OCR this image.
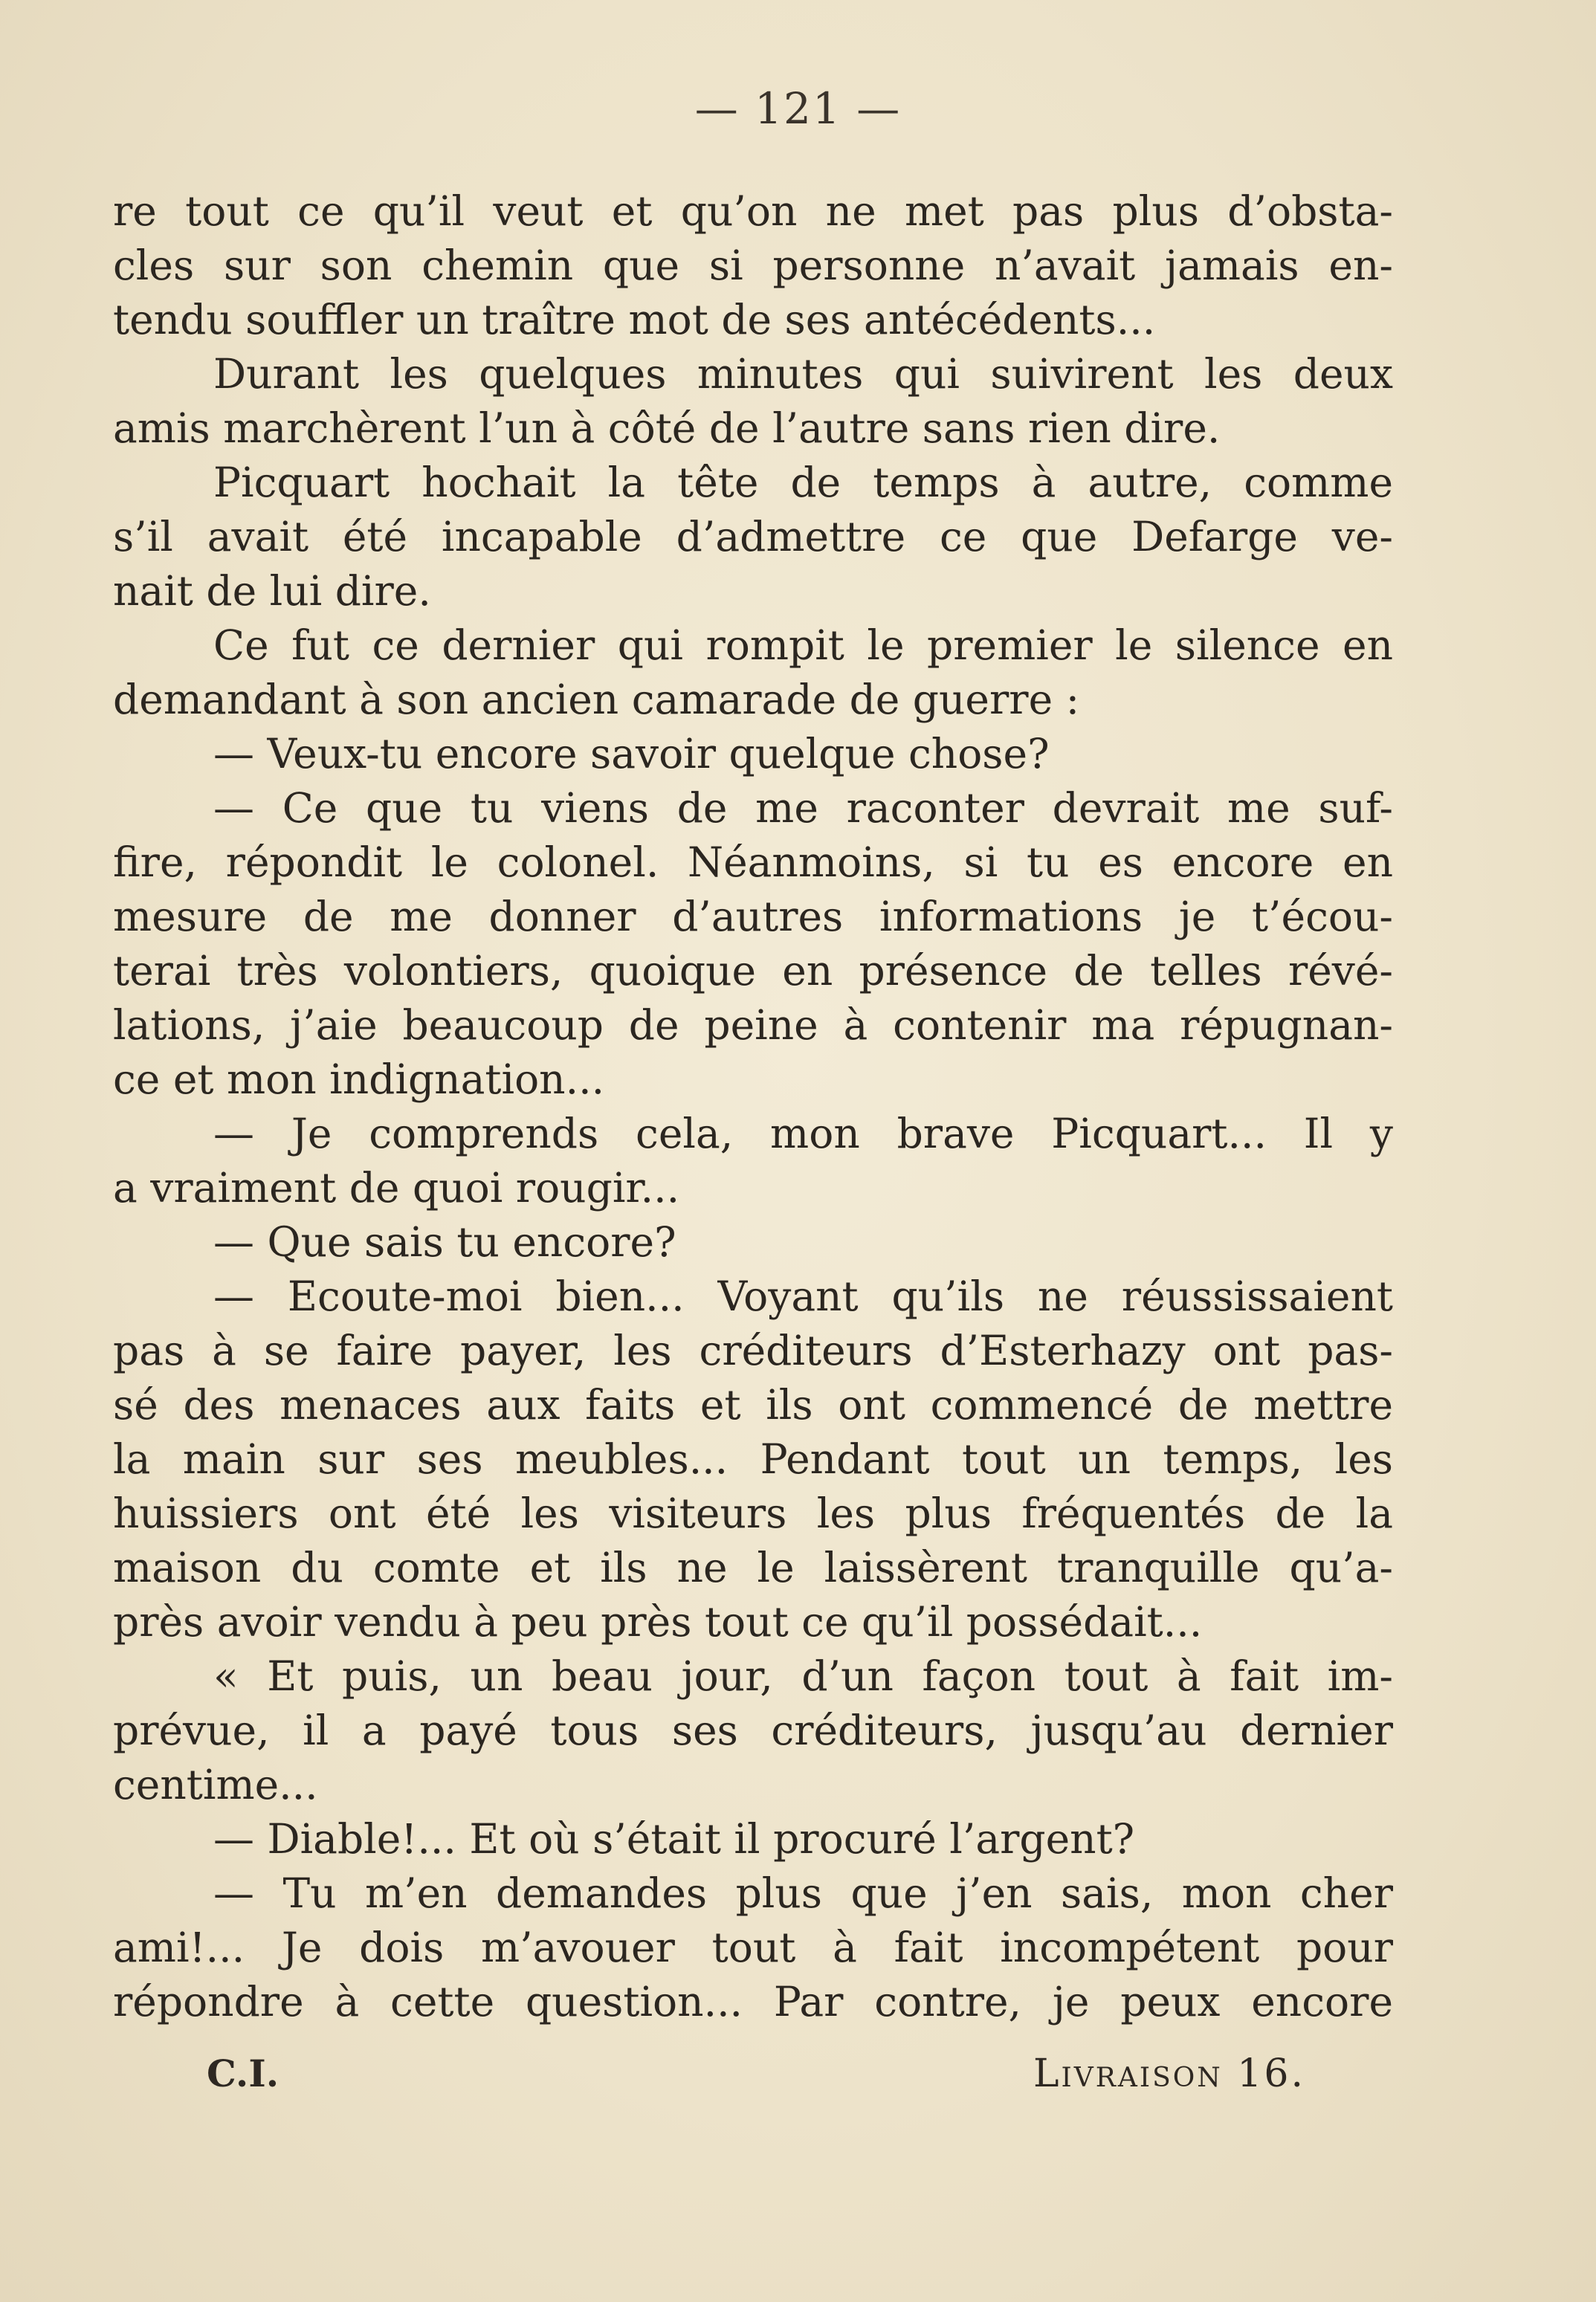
— 121 —
re tout ce qu’il veut et qu’on ne met pas plus d’obsta-
cles sur son chemin que si personne n’avait jamais en-
tendu souffler un traître mot de ses antécédents...
Durant les quelques minutes qui suivirent les deux
amis marchèrent l’un à côté de l’autre sans rien dire.
Picquart hochait la tête de temps à autre, comme
s’il avait été incapable d’admettre ce que Defarge ve-
nait de lui dire.
Ce fut ce dernier qui rompit le premier le silence en
demandant à son ancien camarade de guerre :
— Veux-tu encore savoir quelque chose?
— Ce que tu viens de me raconter devrait me suf-
fire, répondit le colonel. Néanmoins, si tu es encore en
mesure de me donner d’autres informations je t’écou-
terai très volontiers, quoique en présence de telles révé-
lations, j’aie beaucoup de peine à contenir ma répugnan-
ce et mon indignation...
— Je comprends cela, mon brave Picquart... Il y
a vraiment de quoi rougir...
— Que sais tu encore?
— Ecoute-moi bien... Voyant qu’ils ne réussissaient
pas à se faire payer, les créditeurs d’Esterhazy ont pas-
sé des menaces aux faits et ils ont commencé de mettre
la main sur ses meubles... Pendant tout un temps, les
huissiers ont été les visiteurs les plus fréquentés de la
maison du comte et ils ne le laissèrent tranquille qu’a-
près avoir vendu à peu près tout ce qu’il possédait...
« Et puis, un beau jour, d’un façon tout à fait im-
prévue, il a payé tous ses créditeurs, jusqu’au dernier
centime...
— Diable!... Et où s’était il procuré l’argent?
— Tu m’en demandes plus que j’en sais, mon cher
ami!... Je dois m’avouer tout à fait incompétent pour
répondre à cette question... Par contre, je peux encore
C.I.	Livraison 16.
